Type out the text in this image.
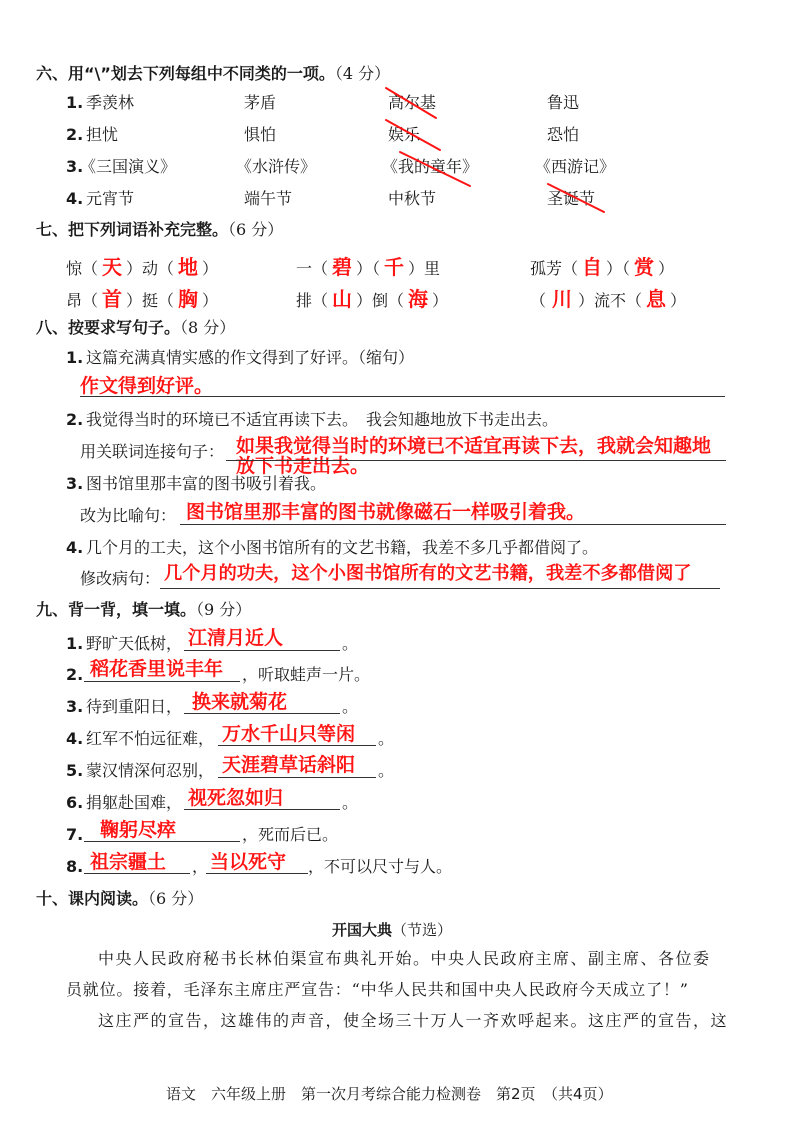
六、用“\”划去下列每组中不同类的一项。（4 分）
1. 季羡林	茅盾	高尔基	鲁迅
2. 担忧	惧怕	娱乐	恐怕
3.
《三国演义》	《水浒传》	《我的童年》	《西游记》
4. 元宵节	端午节	中秋节	圣诞节
七、把下列词语补充完整。（6 分）
惊（ 天 ）动（ 地 ）	一（ 碧 ）（ 千 ）里	孤芳（ 自 ）（ 赏 ）
昂（ 首 ）挺（ 胸 ）	排（ 山 ）倒（ 海 ）	（ 川 ）流不（ 息 ）
八、按要求写句子。（8 分）
1. 这篇充满真情实感的作文得到了好评。（缩句）
作文得到好评。
2. 我觉得当时的环境已不适宜再读下去。　我会知趣地放下书走出去。
用关联词连接句子： 如果我觉得当时的环境已不适宜再读下去，我就会知趣地
放下书走出去。
3. 图书馆里那丰富的图书吸引着我。
改为比喻句： 图书馆里那丰富的图书就像磁石一样吸引着我。
4. 几个月的工夫，这个小图书馆所有的文艺书籍，我差不多几乎都借阅了。
修改病句： 几个月的功夫，这个小图书馆所有的文艺书籍，我差不多都借阅了
九、背一背，填一填。（9 分）
1. 野旷天低树， 江清月近人	。
2. 稻花香里说丰年 ，听取蛙声一片。
3. 待到重阳日， 换来就菊花	。
4. 红军不怕远征难， 万水千山只等闲 。
5. 蒙汉情深何忍别， 天涯碧草话斜阳 。
6. 捐躯赴国难， 视死忽如归	。
7. 鞠躬尽瘁	，死而后已。
8. 祖宗疆土 ， 当以死守 ，不可以尺寸与人。
十、课内阅读。（6 分）
开国大典（节选）
中央人民政府秘书长林伯渠宣布典礼开始。中央人民政府主席、副主席、各位委
员就位。接着，毛泽东主席庄严宣告：“中华人民共和国中央人民政府今天成立了！”
这庄严的宣告，这雄伟的声音，使全场三十万人一齐欢呼起来。这庄严的宣告，这
语文　六年级上册　第一次月考综合能力检测卷　第2页　（共4页）
